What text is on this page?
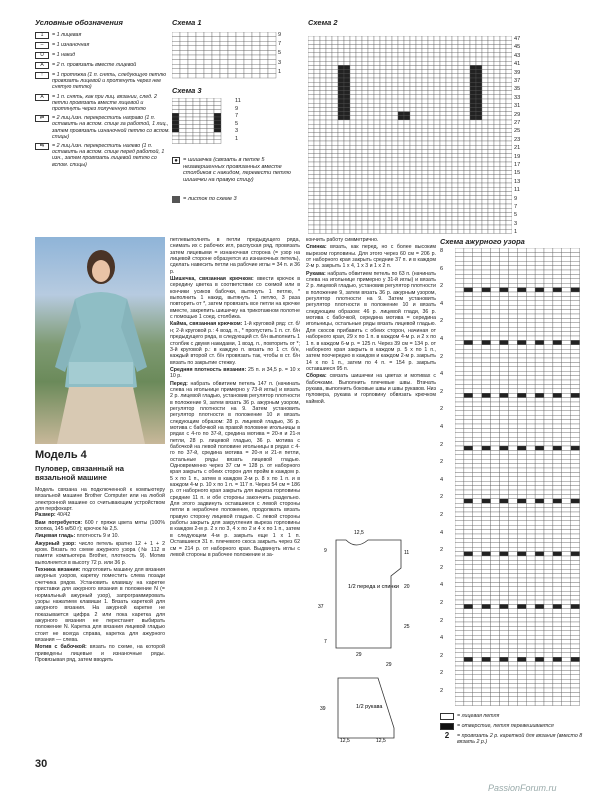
Условные обозначения
1	= 1 лицевая
–	= 1 изнаночная
U	= 1 накид
A	= 2 п. провязать вместе лицевой
↑	= 1 протяжка (1 п. снять, следующую петлю провязать лицевой и протянуть через нее снятую петлю)
A	= 1 п. снять, как при лиц. вязании, след. 2 петли провязать вместе лицевой и протянуть через полученную петлю
⇄	= 2 лиц./изн. перекрестить направо (1 п. оставить на вспом. спице за работой, 1 лиц., затем провязать изнаночной петлю со вспом. спицы)
⇆	= 2 лиц./изн. перекрестить налево (1 п. оставить на вспом. спице перед работой, 1 изн., затем провязать лицевой петлю со вспом. спицы)
Схема 1
9
7
5
3
1
Схема 3
11
9
7
5
3
1
● = шишечка (связать в петле 5 незавершенных провязанных вместе столбиков с накидом, перевести петлю шишечки на правую спицу)
= листок по схеме 3
Схема 2
47
45
43
41
39
37
35
33
31
29
27
25
23
21
19
17
15
13
11
9
7
5
3
1
Модель 4
Пуловер, связанный на вязальной машине

Модель связана на подключенной к компьютеру вязальной машине Brother Computer или на любой электронной машине со считывающим устройством для перфокарт.

Размер: 40/42

Вам потребуется: 600 г пряжи цвета мяты (100% хлопка, 145 м/50 г); крючок № 2,5.

Лицевая гладь: плотность 9 и 10.

Ажурный узор: число петель кратно 12 + 1 + 2 кром. Вязать по схеме ажурного узора (№ 112 в памяти компьютера Brother, плотность 9). Мотив выполняется в высоту 72 р. или 36 р.

Техника вязания: подготовить машину для вязания ажурных узоров, каретку поместить слева позади счетчика рядов. Установить клавишу на каретке приставки для ажурного вязания в положение N (= нормальный ажурный узор), запрограммировать узоры нажатием клавиши 1. Вязать кареткой для ажурного вязания. На ажурной каретке не показывается цифра 2 или пока каретка для ажурного вязания не перестанет выбирать положение N. Каретка для вязания лицевой гладью стоит не всегда справа, каретка для ажурного вязания — слева.

Мотив с бабочкой: вязать по схеме, на которой приведены лицевые и изнаночные ряды. Провязывая ряд, затем вводить

петлевыполнять в петли предыдущего ряда, снимать их с рабочих игл, распуская ряд, провязать затем лицевыми = изнаночная сторона (= узор на лицевой стороне образуется из изнаночных петель), сделать навесить петли на рабочие иглы = 34 п. и 36 р.

Шишечка, связанная крючком: ввести крючок в середину цветка в соответствии со схемой или в кончики усиков бабочки, вытянуть 1 петлю, * выполнить 1 накид, вытянуть 1 петлю, 3 раза повторить от *, затем провязать все петли на крючке вместе, закрепить шишечку на трикотажном полотне с помощью 1 соед. столбика.

Кайма, связанная крючком: 1-й круговой ряд: ст. б/н; 2-й круговой р.: 4 возд. п., * пропустить 1 п. ст. б/н предыдущего ряда, в следующий ст. б/н выполнить 1 столбик с двумя накидами, 1 возд. п., повторить от *; 3-й круговой р.: в каждую п. вязать по 1 ст. б/н, каждый второй ст. б/н провязать так, чтобы в ст. б/н вязать по закрытие стежку.

Средняя плотность вязания: 25 п. и 34,5 р. = 10 x 10 р.

Перед: набрать обвитием петель 147 п. (начинать слева на игольнице примерно у 73-й иглы) и вязать 2 р. лицевой гладью, установив регулятор плотности в положение 9, затем вязать 36 р. ажурным узором, регулятор плотности на 9. Затем установить регулятор плотности в положение 10 и вязать следующим образом: 28 р. лицевой гладью, 36 р. мотива с бабочкой на правой половине игольницы в рядах с 4-го по 37-й, средина мотива = 20-я и 21-я петли, 28 р. лицевой гладью, 36 р. мотива с бабочкой на левой половине игольницы в рядах с 4-го по 37-й, средина мотива = 20-я и 21-я петли, остальные ряды вязать лицевой гладью. Одновременно через 37 см = 128 р. от наборного края закрыть с обеих сторон для пройм в каждом р. 5 x по 1 п., затем в каждом 2-м р. 8 x по 1 п. и в каждом 4-м р. 10 x по 1 п. = 117 п. Через 54 см = 186 р. от наборного края закрыть для выреза горловины средние 11 п. и обе стороны закончить раздельно. Для этого задвинуть оставшиеся с левой стороны петли в нерабочее положение, продолжать вязать правую сторону лицевой гладью. С левой стороны работы закрыть для закругления выреза горловины в каждом 2-м р. 2 x по 3, 4 x по 2 и 4 x по 1 п., затем в следующем 4-м р. закрыть еще 1 x 1 п. Оставшиеся 31 п. плечевого скоса закрыть через 62 см = 214 р. от наборного края. Выдвинуть иглы с левой стороны в рабочее положение и за-

кончить работу симметрично.

Спинка: вязать, как перед, но с более высоким вырезом горловины. Для этого через 60 см = 206 р. от наборного края закрыть средние 37 п. и в каждом 2-м р. закрыть 1 x 4, 1 x 3 и 1 x 2 п.

Рукава: набрать обвитием петель по 63 п. (начинать слева на игольнице примерно у 31-й иглы) и вязать 2 р. лицевой гладью, установив регулятор плотности в положение 9, затем вязать 36 р. ажурным узором, регулятор плотности на 9. Затем установить регулятор плотности в положение 10 и вязать следующим образом: 46 р. лицевой глади, 36 р. мотива с бабочкой, середина мотива = середина игольницы, остальные ряды вязать лицевой гладью. Для скосов прибавить с обеих сторон, начиная от наборного края, 29 x по 1 п. в каждом 4-м р. и 2 x по 1 п. в каждом 6-м р. = 125 п. Через 39 см = 134 р. от наборного края закрыть в каждом р. 5 x по 1 п., затем поочередно в каждом и каждом 2-м р. закрыть 14 x по 1 п., затем по 4 п. = 154 р. закрыть оставшиеся 95 п.

Сборка: связать шишечки на цветах и мотивах с бабочками. Выполнить плечевые швы. Втачать рукава, выполнить боковые швы и швы рукавов. Низ пуловера, рукава и горловину обвязать крючком каймой.

1/2 переда и спинки
1/2 рукава
9
12,5
11
20
25
7
29
37
29
39
12,5	12,5
Схема ажурного узора
8
6
2
4
2
4
2
4
2
2
4
2
2
4
2
2
4
2
2
4
2
2
4
2
2
2
= лицевая петля
= отверстие, петля перевешивается
2	= провязать 2 р. кареткой для вязания (вместо 8 вязать 2 р.)
30
PassionForum.ru
